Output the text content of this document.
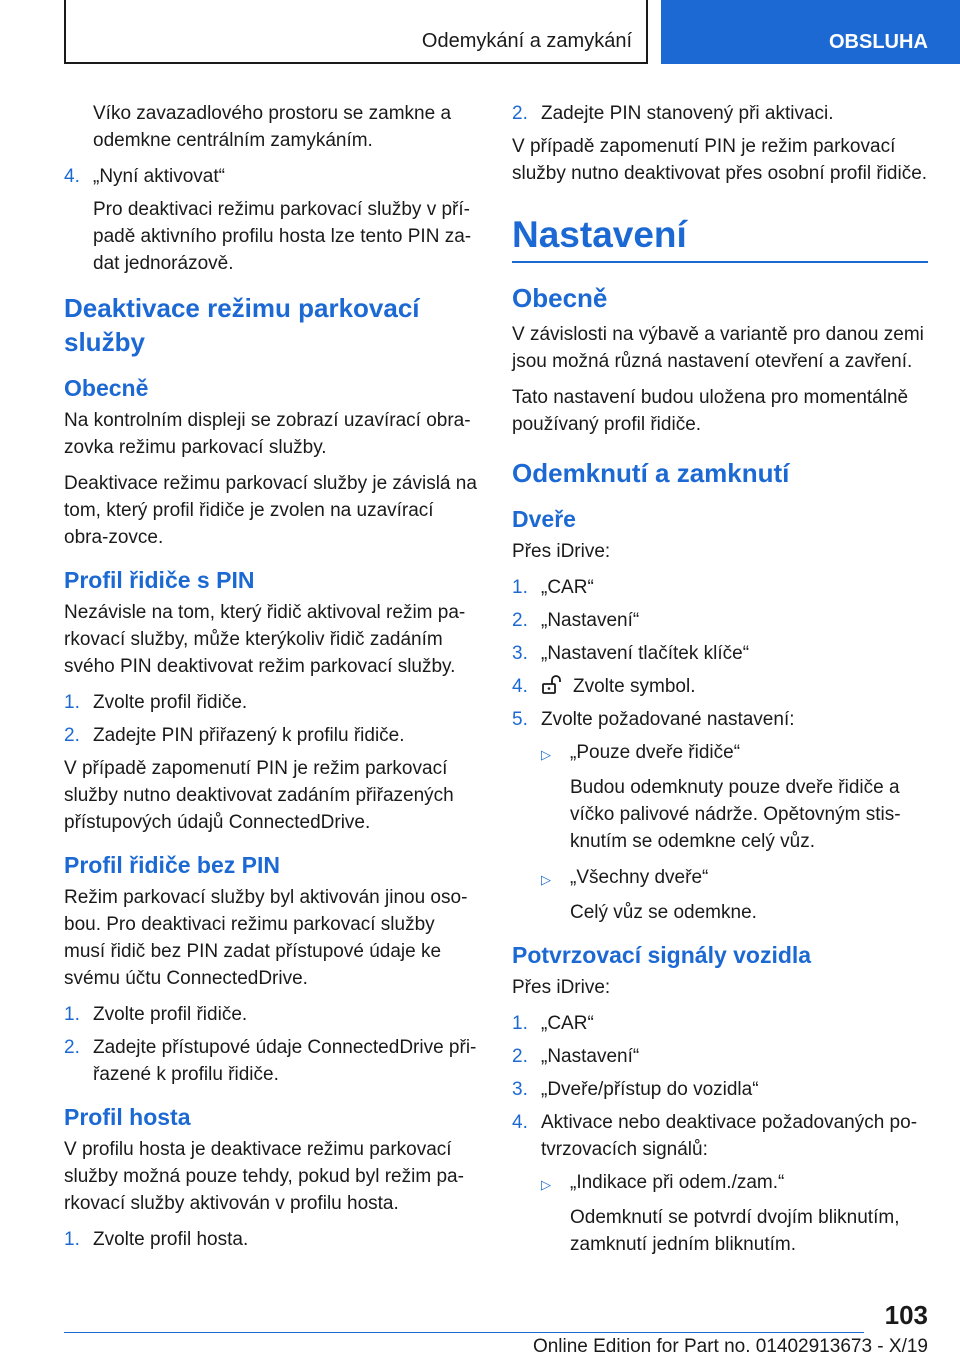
Odemykání a zamykání	OBSLUHA

Víko zavazadlového prostoru se zamkne a odemkne centrálním zamykáním.

4. „Nyní aktivovat“

Pro deaktivaci režimu parkovací služby v pří‐padě aktivního profilu hosta lze tento PIN za‐dat jednorázově.

Deaktivace režimu parkovací služby
Obecně

Na kontrolním displeji se zobrazí uzavírací obra‐zovka režimu parkovací služby.

Deaktivace režimu parkovací služby je závislá na tom, který profil řidiče je zvolen na uzavírací obra‐zovce.

Profil řidiče s PIN

Nezávisle na tom, který řidič aktivoval režim pa‐rkovací služby, může kterýkoliv řidič zadáním svého PIN deaktivovat režim parkovací služby.

1. Zvolte profil řidiče.
2. Zadejte PIN přiřazený k profilu řidiče.

V případě zapomenutí PIN je režim parkovací služby nutno deaktivovat zadáním přiřazených přístupových údajů ConnectedDrive.

Profil řidiče bez PIN

Režim parkovací služby byl aktivován jinou oso‐bou. Pro deaktivaci režimu parkovací služby musí řidič bez PIN zadat přístupové údaje ke svému účtu ConnectedDrive.

1. Zvolte profil řidiče.
2. Zadejte přístupové údaje ConnectedDrive při‐řazené k profilu řidiče.
Profil hosta

V profilu hosta je deaktivace režimu parkovací služby možná pouze tehdy, pokud byl režim pa‐rkovací služby aktivován v profilu hosta.

1. Zvolte profil hosta.
2. Zadejte PIN stanovený při aktivaci.

V případě zapomenutí PIN je režim parkovací služby nutno deaktivovat přes osobní profil řidiče.

Nastavení
Obecně

V závislosti na výbavě a variantě pro danou zemi jsou možná různá nastavení otevření a zavření.

Tato nastavení budou uložena pro momentálně používaný profil řidiče.

Odemknutí a zamknutí
Dveře

Přes iDrive:

1. „CAR“
2. „Nastavení“
3. „Nastavení tlačítek klíče“
4.	Zvolte symbol.
5. Zvolte požadované nastavení:
▷	„Pouze dveře řidiče“

Budou odemknuty pouze dveře řidiče a víčko palivové nádrže. Opětovným stis‐knutím se odemkne celý vůz.

▷	„Všechny dveře“

Celý vůz se odemkne.

Potvrzovací signály vozidla

Přes iDrive:

1. „CAR“
2. „Nastavení“
3. „Dveře/přístup do vozidla“
4. Aktivace nebo deaktivace požadovaných po‐tvrzovacích signálů:
▷	„Indikace při odem./zam.“

Odemknutí se potvrdí dvojím bliknutím, zamknutí jedním bliknutím.

103
Online Edition for Part no. 01402913673 - X/19
